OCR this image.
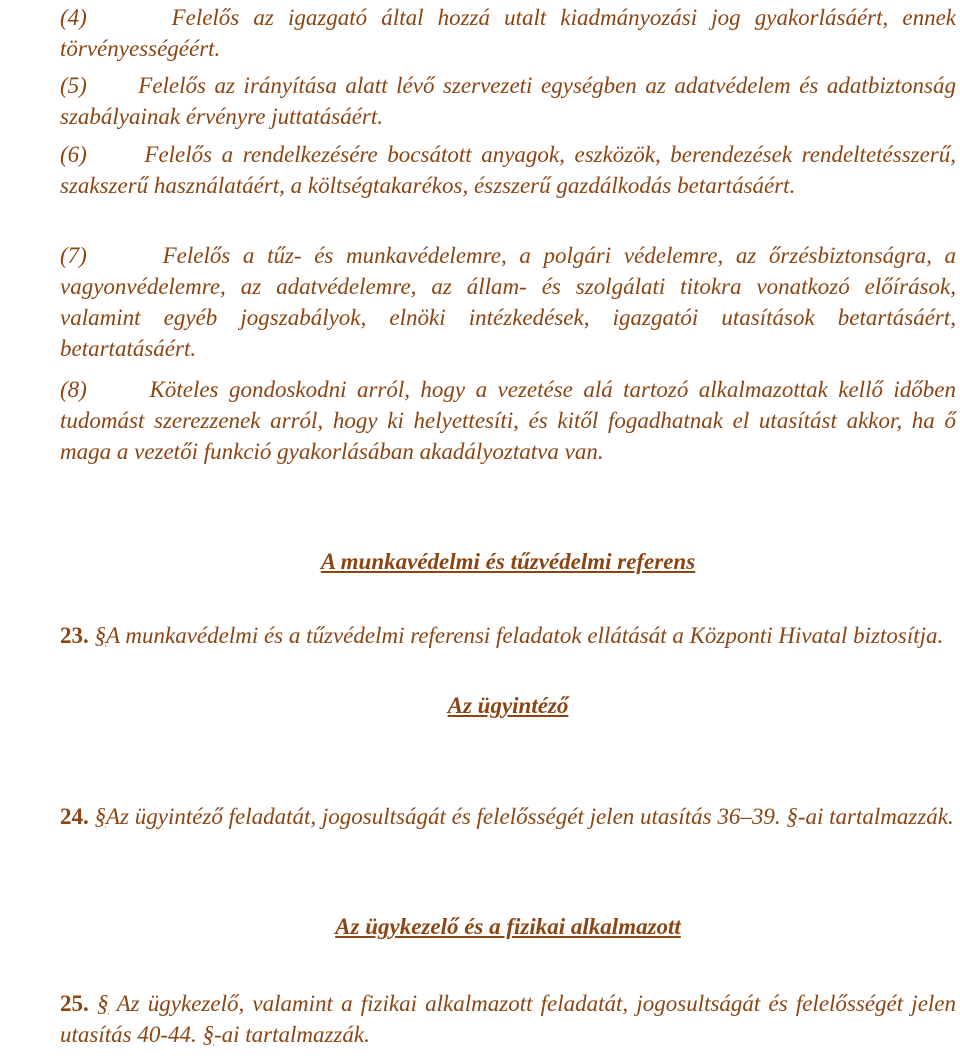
(4)	Felelős az igazgató által hozzá utalt kiadmányozási jog gyakorlásáért, ennek törvényességéért.

(5) Felelős az irányítása alatt lévő szervezeti egységben az adatvédelem és adatbiztonság szabályainak érvényre juttatásáért.

(6)	Felelős a rendelkezésére bocsátott anyagok, eszközök, berendezések rendeltetésszerű, szakszerű használatáért, a költségtakarékos, észszerű gazdálkodás betartásáért.

(7)	Felelős a tűz- és munkavédelemre, a polgári védelemre, az őrzésbiztonságra, a vagyonvédelemre, az adatvédelemre, az állam- és szolgálati titokra vonatkozó előírások, valamint egyéb jogszabályok, elnöki intézkedések, igazgatói utasítások betartásáért, betartatásáért.

(8)	Köteles gondoskodni arról, hogy a vezetése alá tartozó alkalmazottak kellő időben tudomást szerezzenek arról, hogy ki helyettesíti, és kitől fogadhatnak el utasítást akkor, ha ő maga a vezetői funkció gyakorlásában akadályoztatva van.

A munkavédelmi és tűzvédelmi referens

23. §A munkavédelmi és a tűzvédelmi referensi feladatok ellátását a Központi Hivatal biztosítja.

Az ügyintéző

24. §Az ügyintéző feladatát, jogosultságát és felelősségét jelen utasítás 36–39. §-ai tartalmazzák.

Az ügykezelő és a fizikai alkalmazott

25. § Az ügykezelő, valamint a fizikai alkalmazott feladatát, jogosultságát és felelősségét jelen utasítás 40-44. §-ai tartalmazzák.
